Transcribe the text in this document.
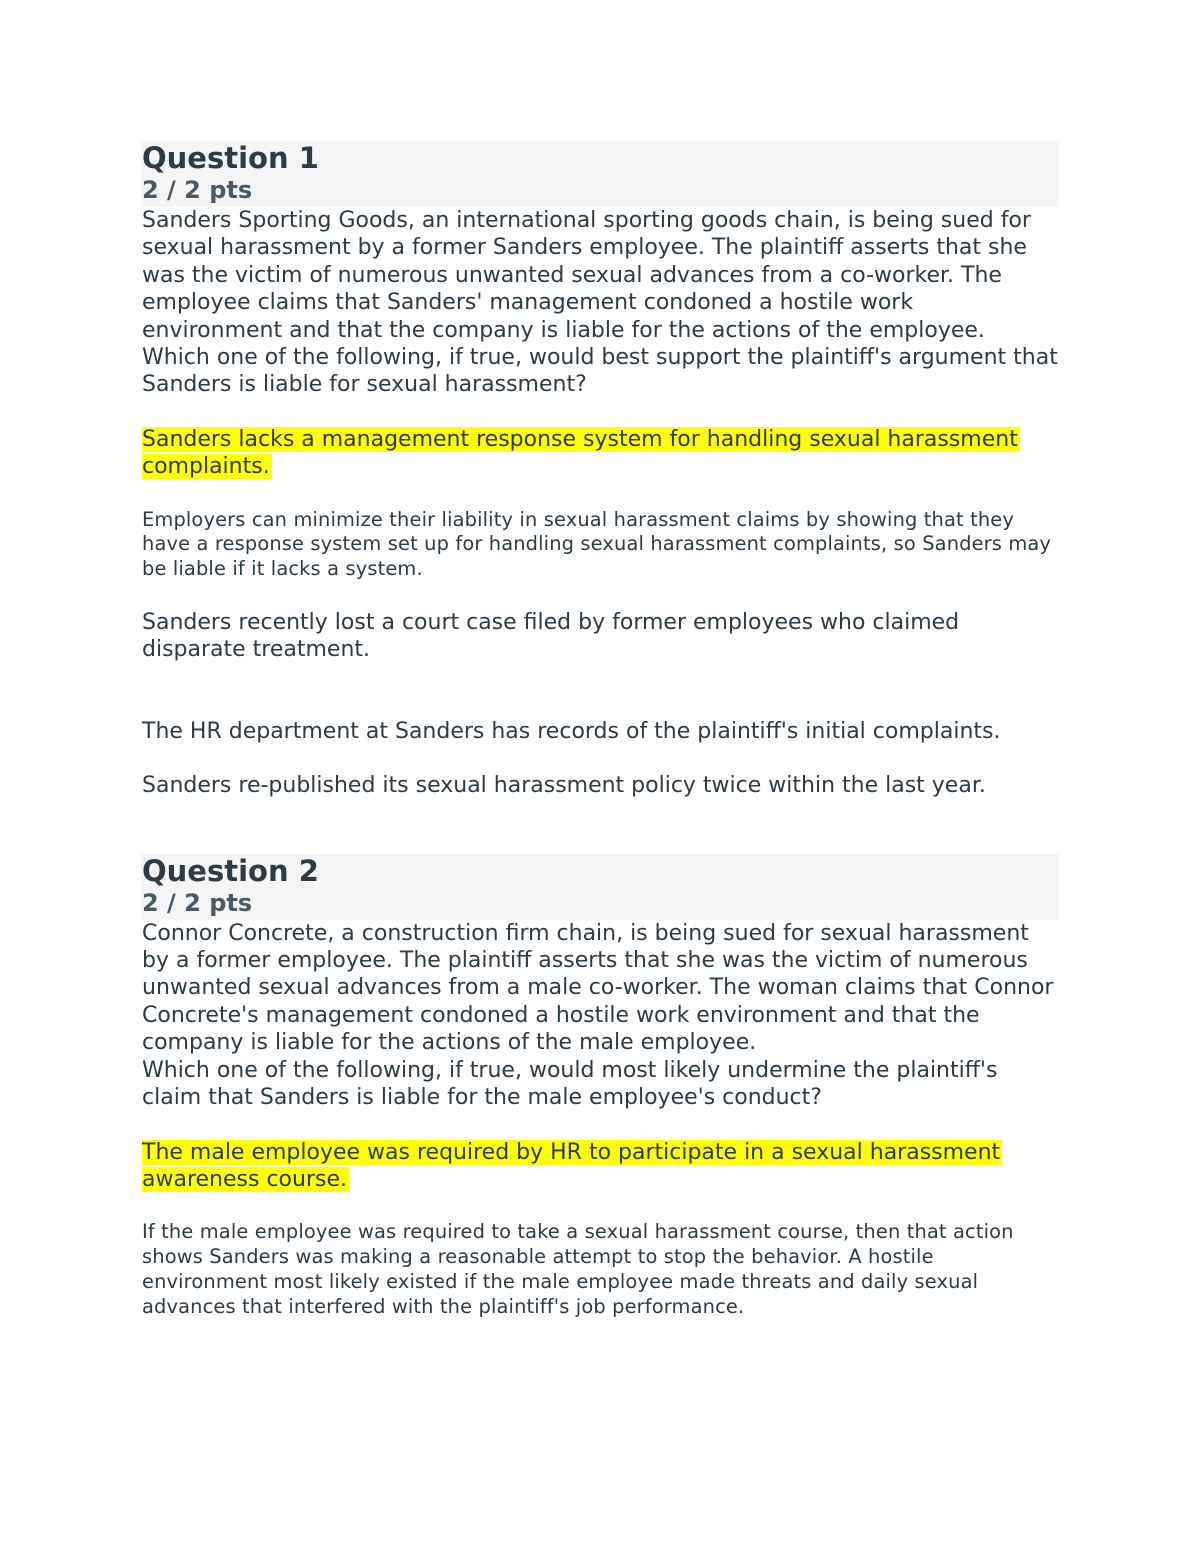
Question 1
2 / 2 pts

Sanders Sporting Goods, an international sporting goods chain, is being sued for sexual harassment by a former Sanders employee. The plaintiff asserts that she was the victim of numerous unwanted sexual advances from a co-worker. The employee claims that Sanders' management condoned a hostile work environment and that the company is liable for the actions of the employee.

Which one of the following, if true, would best support the plaintiff's argument that Sanders is liable for sexual harassment?

Sanders lacks a management response system for handling sexual harassment complaints.

Employers can minimize their liability in sexual harassment claims by showing that they have a response system set up for handling sexual harassment complaints, so Sanders may be liable if it lacks a system.

Sanders recently lost a court case filed by former employees who claimed disparate treatment.

The HR department at Sanders has records of the plaintiff's initial complaints.

Sanders re-published its sexual harassment policy twice within the last year.

Question 2
2 / 2 pts

Connor Concrete, a construction firm chain, is being sued for sexual harassment by a former employee. The plaintiff asserts that she was the victim of numerous unwanted sexual advances from a male co-worker. The woman claims that Connor Concrete's management condoned a hostile work environment and that the company is liable for the actions of the male employee.

Which one of the following, if true, would most likely undermine the plaintiff's claim that Sanders is liable for the male employee's conduct?

The male employee was required by HR to participate in a sexual harassment awareness course.

If the male employee was required to take a sexual harassment course, then that action shows Sanders was making a reasonable attempt to stop the behavior. A hostile environment most likely existed if the male employee made threats and daily sexual advances that interfered with the plaintiff's job performance.
